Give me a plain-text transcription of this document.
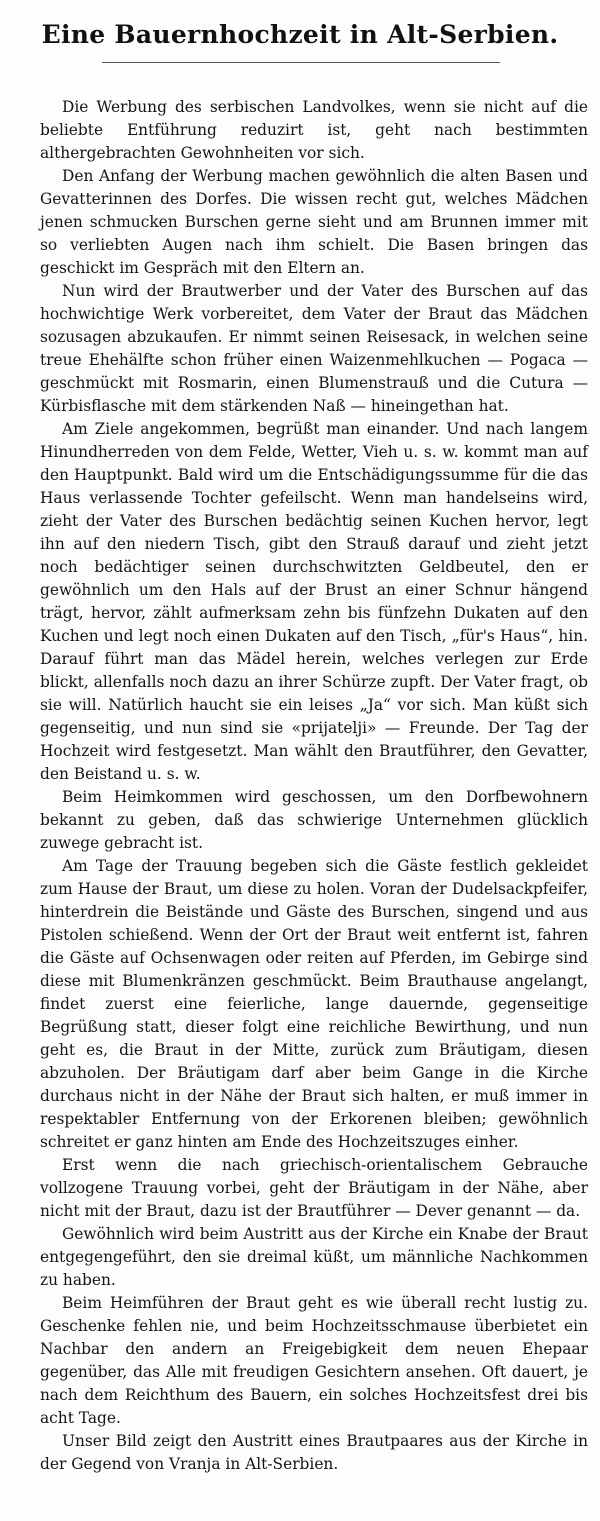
Eine Bauernhochzeit in Alt-Serbien.

Die Werbung des serbischen Landvolkes, wenn sie nicht auf die beliebte Entführung reduzirt ist, geht nach bestimmten althergebrachten Gewohnheiten vor sich.

Den Anfang der Werbung machen gewöhnlich die alten Basen und Gevatterinnen des Dorfes. Die wissen recht gut, welches Mädchen jenen schmucken Burschen gerne sieht und am Brunnen immer mit so verliebten Augen nach ihm schielt. Die Basen bringen das geschickt im Gespräch mit den Eltern an.

Nun wird der Brautwerber und der Vater des Burschen auf das hochwichtige Werk vorbereitet, dem Vater der Braut das Mädchen sozusagen abzukaufen. Er nimmt seinen Reisesack, in welchen seine treue Ehehälfte schon früher einen Waizenmehlkuchen — Pogaca — geschmückt mit Rosmarin, einen Blumenstrauß und die Cutura — Kürbisflasche mit dem stärkenden Naß — hineingethan hat.

Am Ziele angekommen, begrüßt man einander. Und nach langem Hinundherreden von dem Felde, Wetter, Vieh u. s. w. kommt man auf den Hauptpunkt. Bald wird um die Entschädigungssumme für die das Haus verlassende Tochter gefeilscht. Wenn man handelseins wird, zieht der Vater des Burschen bedächtig seinen Kuchen hervor, legt ihn auf den niedern Tisch, gibt den Strauß darauf und zieht jetzt noch bedächtiger seinen durchschwitzten Geldbeutel, den er gewöhnlich um den Hals auf der Brust an einer Schnur hängend trägt, hervor, zählt aufmerksam zehn bis fünfzehn Dukaten auf den Kuchen und legt noch einen Dukaten auf den Tisch, „für's Haus“, hin. Darauf führt man das Mädel herein, welches verlegen zur Erde blickt, allenfalls noch dazu an ihrer Schürze zupft. Der Vater fragt, ob sie will. Natürlich haucht sie ein leises „Ja“ vor sich. Man küßt sich gegenseitig, und nun sind sie «prijatelji» — Freunde. Der Tag der Hochzeit wird festgesetzt. Man wählt den Brautführer, den Gevatter, den Beistand u. s. w.

Beim Heimkommen wird geschossen, um den Dorfbewohnern bekannt zu geben, daß das schwierige Unternehmen glücklich zuwege gebracht ist.

Am Tage der Trauung begeben sich die Gäste festlich gekleidet zum Hause der Braut, um diese zu holen. Voran der Dudelsackpfeifer, hinterdrein die Beistände und Gäste des Burschen, singend und aus Pistolen schießend. Wenn der Ort der Braut weit entfernt ist, fahren die Gäste auf Ochsenwagen oder reiten auf Pferden, im Gebirge sind diese mit Blumenkränzen geschmückt. Beim Brauthause angelangt, findet zuerst eine feierliche, lange dauernde, gegenseitige Begrüßung statt, dieser folgt eine reichliche Bewirthung, und nun geht es, die Braut in der Mitte, zurück zum Bräutigam, diesen abzuholen. Der Bräutigam darf aber beim Gange in die Kirche durchaus nicht in der Nähe der Braut sich halten, er muß immer in respektabler Entfernung von der Erkorenen bleiben; gewöhnlich schreitet er ganz hinten am Ende des Hochzeitszuges einher.

Erst wenn die nach griechisch-orientalischem Gebrauche vollzogene Trauung vorbei, geht der Bräutigam in der Nähe, aber nicht mit der Braut, dazu ist der Brautführer — Dever genannt — da.

Gewöhnlich wird beim Austritt aus der Kirche ein Knabe der Braut entgegengeführt, den sie dreimal küßt, um männliche Nachkommen zu haben.

Beim Heimführen der Braut geht es wie überall recht lustig zu. Geschenke fehlen nie, und beim Hochzeitsschmause überbietet ein Nachbar den andern an Freigebigkeit dem neuen Ehepaar gegenüber, das Alle mit freudigen Gesichtern ansehen. Oft dauert, je nach dem Reichthum des Bauern, ein solches Hochzeitsfest drei bis acht Tage.

Unser Bild zeigt den Austritt eines Brautpaares aus der Kirche in der Gegend von Vranja in Alt-Serbien.
